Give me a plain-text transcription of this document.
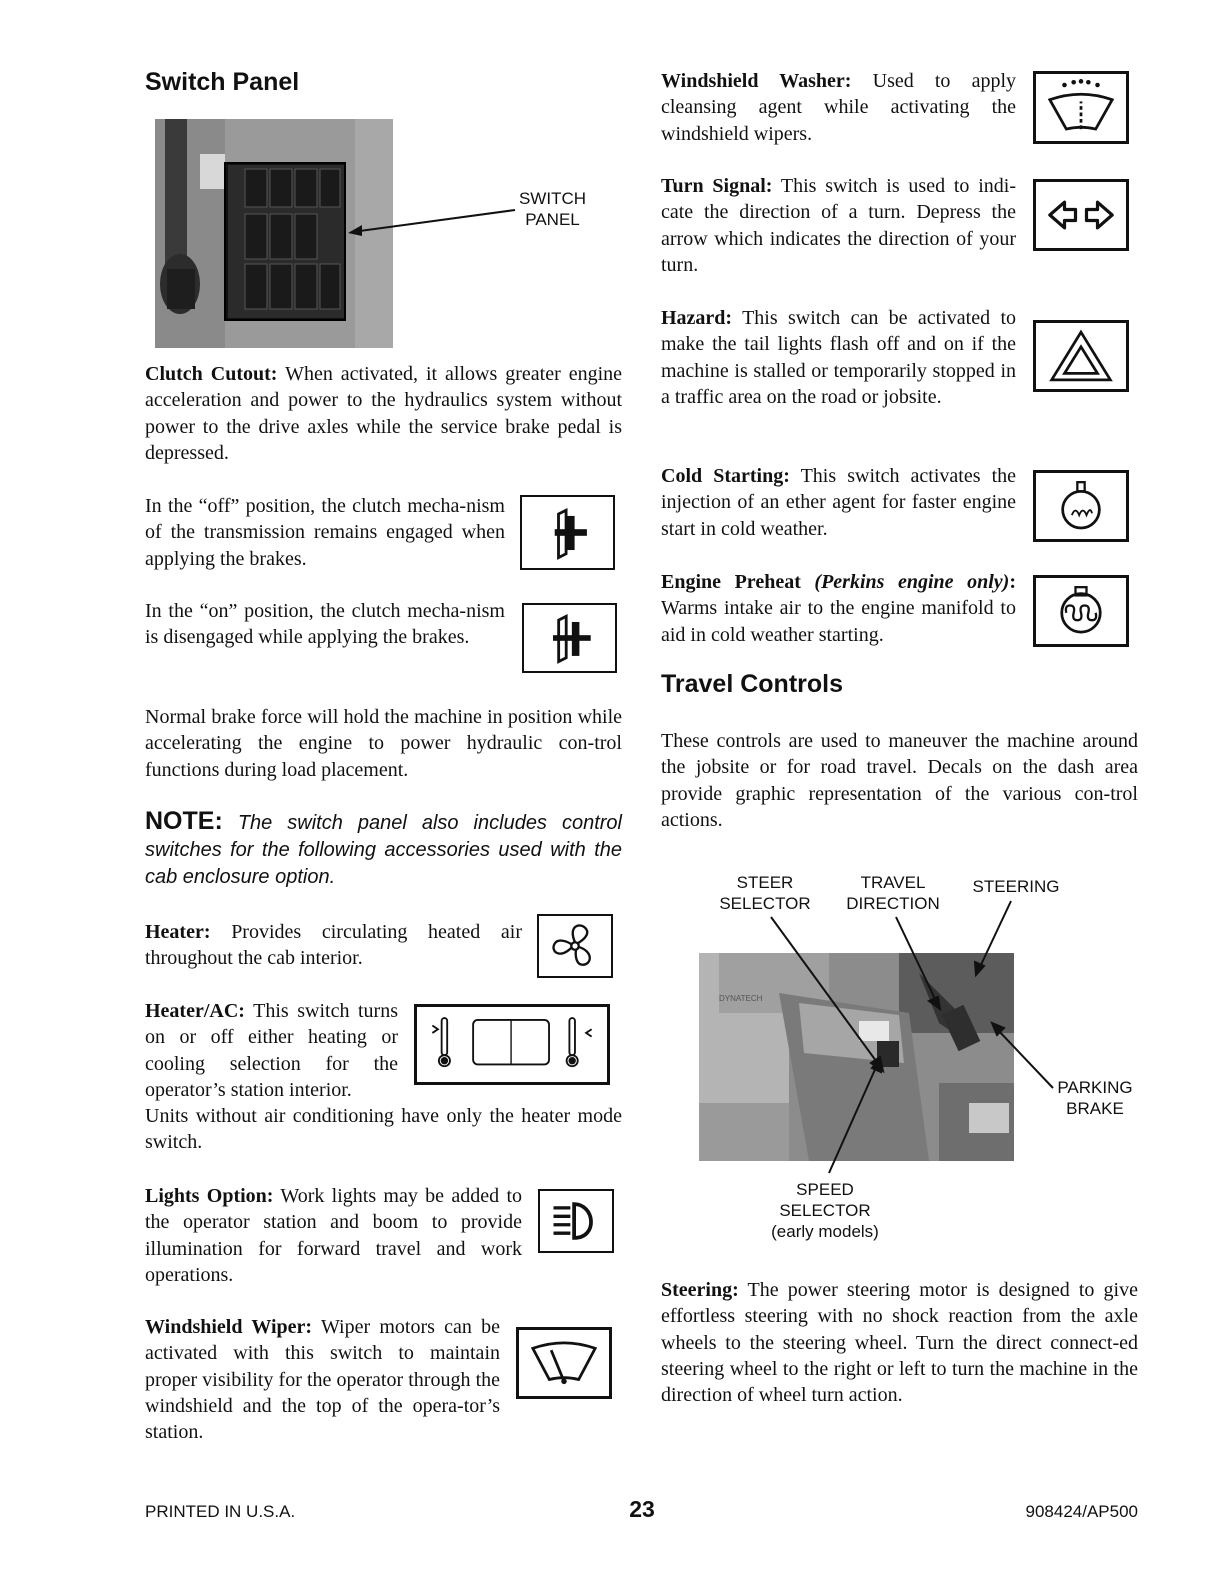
Switch Panel
SWITCH
PANEL

Clutch Cutout: When activated, it allows greater engine acceleration and power to the hydraulics system without power to the drive axles while the service brake pedal is depressed.

In the “off” position, the clutch mecha-nism of the transmission remains engaged when applying the brakes.

In the “on” position, the clutch mecha-nism is disengaged while applying the brakes.

Normal brake force will hold the machine in position while accelerating the engine to power hydraulic con-trol functions during load placement.

NOTE: The switch panel also includes control switches for the following accessories used with the cab enclosure option.

Heater: Provides circulating heated air throughout the cab interior.

Heater/AC: This switch turns on or off either heating or cooling selection for the operator’s station interior.

Units without air conditioning have only the heater mode switch.

Lights Option: Work lights may be added to the operator station and boom to provide illumination for forward travel and work operations.

Windshield Wiper: Wiper motors can be activated with this switch to maintain proper visibility for the operator through the windshield and the top of the opera-tor’s station.

Windshield Washer: Used to apply cleansing agent while activating the windshield wipers.

Turn Signal: This switch is used to indi-cate the direction of a turn. Depress the arrow which indicates the direction of your turn.

Hazard: This switch can be activated to make the tail lights flash off and on if the machine is stalled or temporarily stopped in a traffic area on the road or jobsite.

Cold Starting: This switch activates the injection of an ether agent for faster engine start in cold weather.

Engine Preheat (Perkins engine only): Warms intake air to the engine manifold to aid in cold weather starting.

Travel Controls

These controls are used to maneuver the machine around the jobsite or for road travel. Decals on the dash area provide graphic representation of the various con-trol actions.

STEER
SELECTOR
TRAVEL
DIRECTION
STEERING
DYNATECH
PARKING
BRAKE
SPEED
SELECTOR
(early models)

Steering: The power steering motor is designed to give effortless steering with no shock reaction from the axle wheels to the steering wheel. Turn the direct connect-ed steering wheel to the right or left to turn the machine in the direction of wheel turn action.

PRINTED IN U.S.A.	23	908424/AP500
